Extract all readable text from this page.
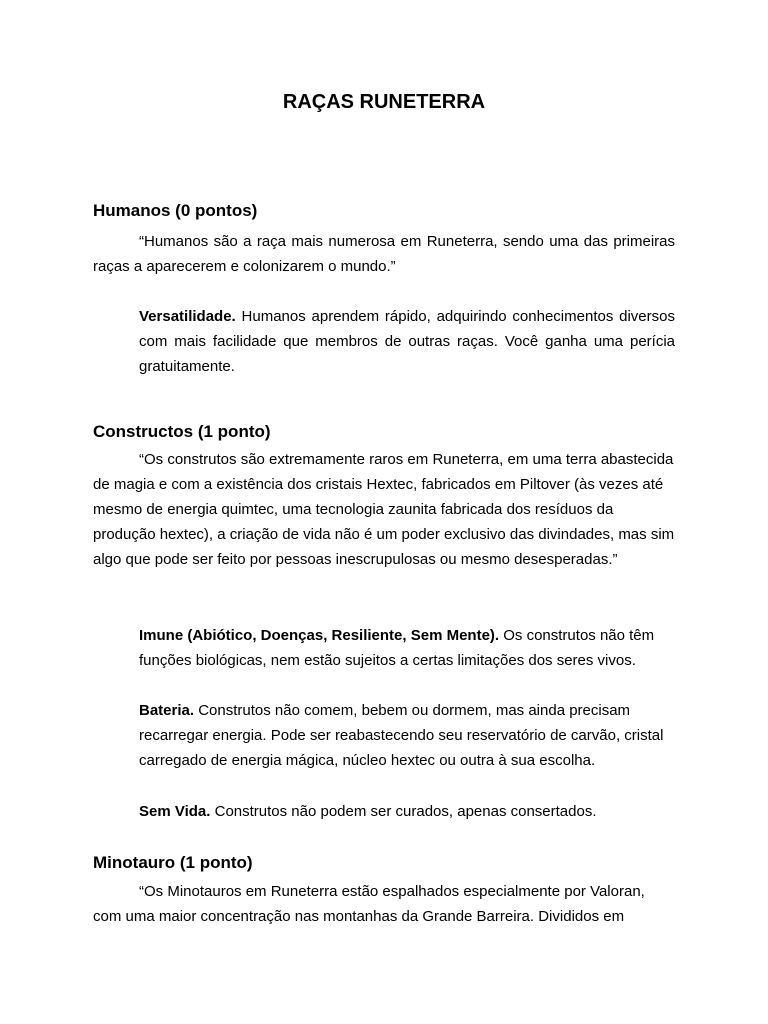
RAÇAS RUNETERRA
Humanos (0 pontos)

“Humanos são a raça mais numerosa em Runeterra, sendo uma das primeiras raças a aparecerem e colonizarem o mundo.”

Versatilidade. Humanos aprendem rápido, adquirindo conhecimentos diversos com mais facilidade que membros de outras raças. Você ganha uma perícia gratuitamente.

Constructos (1 ponto)

“Os construtos são extremamente raros em Runeterra, em uma terra abastecida de magia e com a existência dos cristais Hextec, fabricados em Piltover (às vezes até mesmo de energia quimtec, uma tecnologia zaunita fabricada dos resíduos da produção hextec), a criação de vida não é um poder exclusivo das divindades, mas sim algo que pode ser feito por pessoas inescrupulosas ou mesmo desesperadas.”

Imune (Abiótico, Doenças, Resiliente, Sem Mente). Os construtos não têm funções biológicas, nem estão sujeitos a certas limitações dos seres vivos.

Bateria. Construtos não comem, bebem ou dormem, mas ainda precisam recarregar energia. Pode ser reabastecendo seu reservatório de carvão, cristal carregado de energia mágica, núcleo hextec ou outra à sua escolha.

Sem Vida. Construtos não podem ser curados, apenas consertados.

Minotauro (1 ponto)

“Os Minotauros em Runeterra estão espalhados especialmente por Valoran, com uma maior concentração nas montanhas da Grande Barreira. Divididos em
